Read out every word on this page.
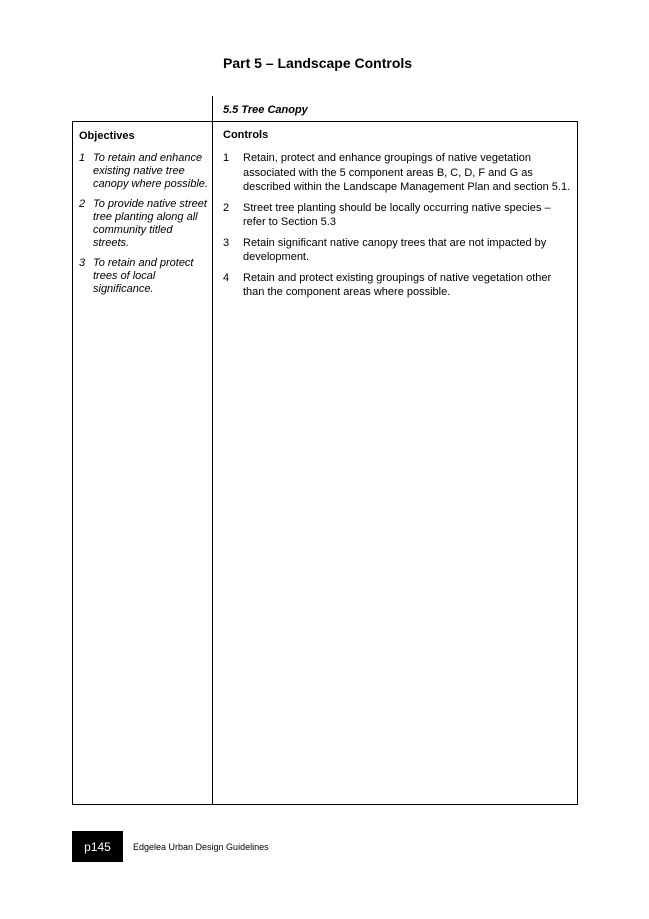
Part 5 – Landscape Controls
5.5 Tree Canopy
Objectives
1 To retain and enhance existing native tree canopy where possible.
2 To provide native street tree planting along all community titled streets.
3 To retain and protect trees of local significance.
Controls
1	Retain, protect and enhance groupings of native vegetation associated with the 5 component areas B, C, D, F and G as described within the Landscape Management Plan and section 5.1.
2	Street tree planting should be locally occurring native species – refer to Section 5.3
3	Retain significant native canopy trees that are not impacted by development.
4	Retain and protect existing groupings of native vegetation other than the component areas where possible.
p145	Edgelea Urban Design Guidelines
